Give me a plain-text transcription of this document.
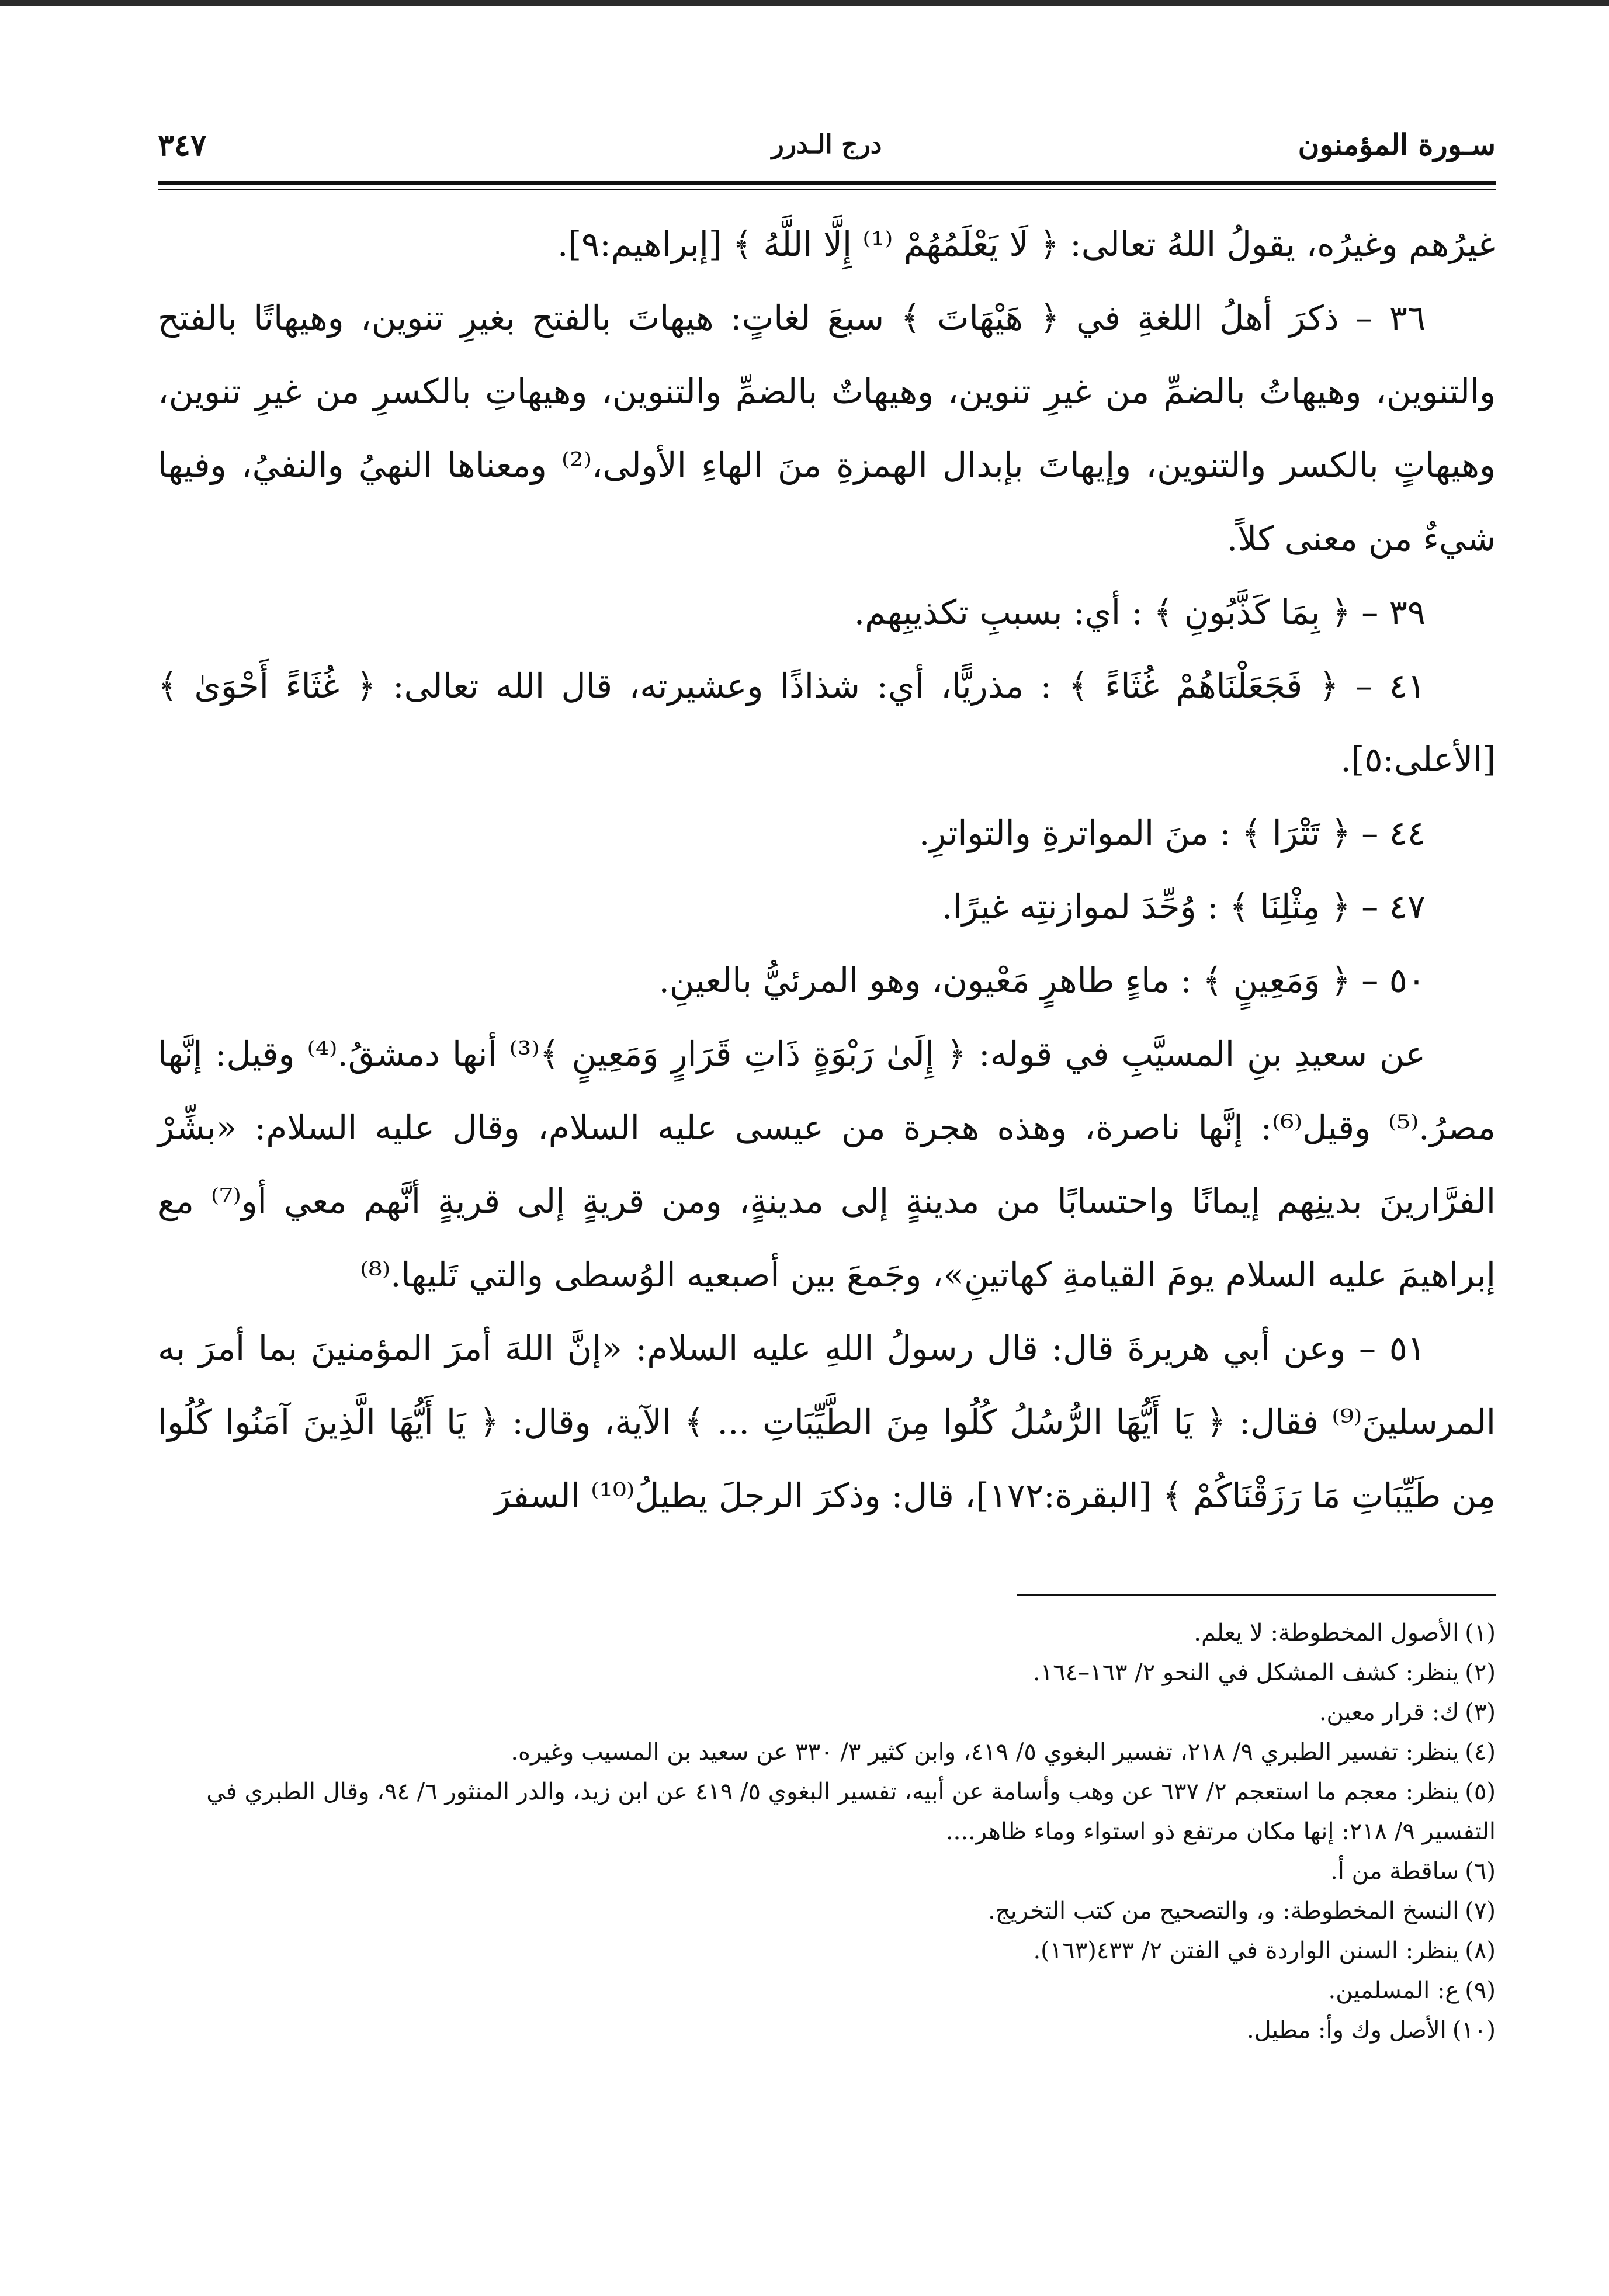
سـورة المؤمنون
درج الـدرر
٣٤٧

غيرُهم وغيرُه، يقولُ اللهُ تعالى: ﴿ لَا يَعْلَمُهُمْ ⁽¹⁾ إِلَّا اللَّهُ ﴾ [إبراهيم:٩].

٣٦ – ذكرَ أهلُ اللغةِ في ﴿ هَيْهَاتَ ﴾ سبعَ لغاتٍ: هيهاتَ بالفتح بغيرِ تنوين، وهيهاتًا بالفتح والتنوين، وهيهاتُ بالضمِّ من غيرِ تنوين، وهيهاتٌ بالضمِّ والتنوين، وهيهاتِ بالكسرِ من غيرِ تنوين، وهيهاتٍ بالكسر والتنوين، وإيهاتَ بإبدال الهمزةِ منَ الهاءِ الأولى،⁽²⁾ ومعناها النهيُ والنفيُ، وفيها شيءٌ من معنى كلاً.

٣٩ – ﴿ بِمَا كَذَّبُونِ ﴾ : أي: بسببِ تكذيبِهم.

٤١ – ﴿ فَجَعَلْنَاهُمْ غُثَاءً ﴾ : مذريًّا، أي: شذاذًا وعشيرته، قال الله تعالى: ﴿ غُثَاءً أَحْوَىٰ ﴾ [الأعلى:٥].

٤٤ – ﴿ تَتْرَا ﴾ : منَ المواترةِ والتواترِ.

٤٧ – ﴿ مِثْلِنَا ﴾ : وُحِّدَ لموازنتِه غيرًا.

٥٠ – ﴿ وَمَعِينٍ ﴾ : ماءٍ طاهرٍ مَعْيون، وهو المرئيُّ بالعينِ.

عن سعيدِ بنِ المسيَّبِ في قوله: ﴿ إِلَىٰ رَبْوَةٍ ذَاتِ قَرَارٍ وَمَعِينٍ ﴾⁽³⁾ أنها دمشقُ.⁽⁴⁾ وقيل: إنَّها مصرُ.⁽⁵⁾ وقيل⁽⁶⁾: إنَّها ناصرة، وهذه هجرة من عيسى عليه السلام، وقال عليه السلام: «بشِّرْ الفرَّارينَ بدينِهم إيمانًا واحتسابًا من مدينةٍ إلى مدينةٍ، ومن قريةٍ إلى قريةٍ أنَّهم معي أو⁽⁷⁾ مع إبراهيمَ عليه السلام يومَ القيامةِ كهاتينِ»، وجَمعَ بين أصبعيه الوُسطى والتي تَليها.⁽⁸⁾

٥١ – وعن أبي هريرةَ قال: قال رسولُ اللهِ عليه السلام: «إنَّ اللهَ أمرَ المؤمنينَ بما أمرَ به المرسلينَ⁽⁹⁾ فقال: ﴿ يَا أَيُّهَا الرُّسُلُ كُلُوا مِنَ الطَّيِّبَاتِ ... ﴾ الآية، وقال: ﴿ يَا أَيُّهَا الَّذِينَ آمَنُوا كُلُوا مِن طَيِّبَاتِ مَا رَزَقْنَاكُمْ ﴾ [البقرة:١٧٢]، قال: وذكرَ الرجلَ يطيلُ⁽¹⁰⁾ السفرَ

(١)الأصول المخطوطة: لا يعلم.

(٢)ينظر: كشف المشكل في النحو ٢/ ١٦٣–١٦٤.

(٣)ك: قرار معين.

(٤)ينظر: تفسير الطبري ٩/ ٢١٨، تفسير البغوي ٥/ ٤١٩، وابن كثير ٣/ ٣٣٠ عن سعيد بن المسيب وغيره.

(٥)ينظر: معجم ما استعجم ٢/ ٦٣٧ عن وهب وأسامة عن أبيه، تفسير البغوي ٥/ ٤١٩ عن ابن زيد، والدر المنثور ٦/ ٩٤، وقال الطبري في التفسير ٩/ ٢١٨: إنها مكان مرتفع ذو استواء وماء ظاهر....

(٦)ساقطة من أ.

(٧)النسخ المخطوطة: و، والتصحيح من كتب التخريج.

(٨)ينظر: السنن الواردة في الفتن ٢/ ٤٣٣(١٦٣).

(٩)ع: المسلمين.

(١٠)الأصل وك وأ: مطيل.
